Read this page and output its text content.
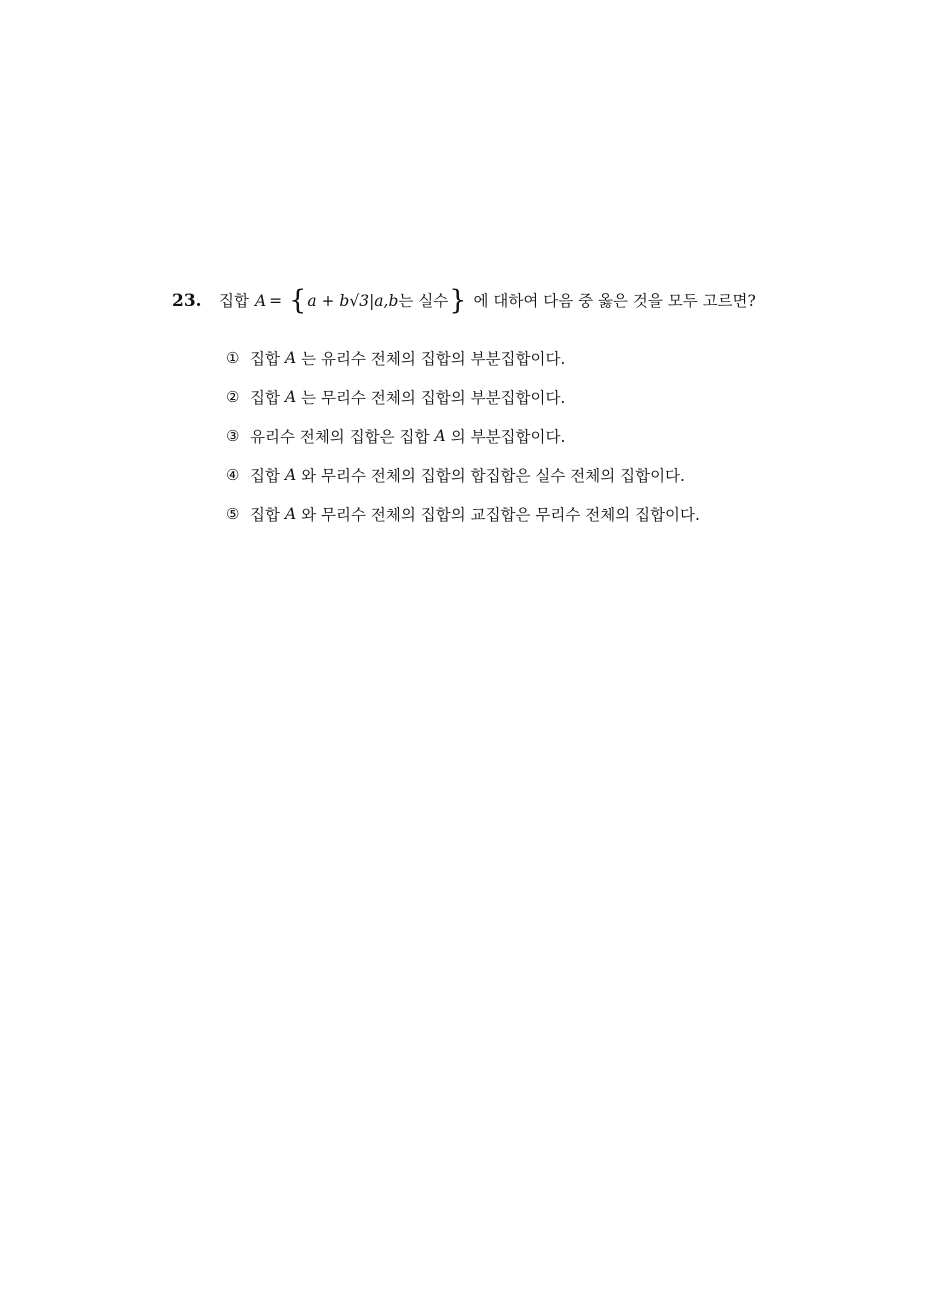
23.	집합 A = { a + b√3|a, b 는 실수 } 에 대하여 다음 중 옳은 것을 모두 고르면?
① 집합 A 는 유리수 전체의 집합의 부분집합이다.
② 집합 A 는 무리수 전체의 집합의 부분집합이다.
③ 유리수 전체의 집합은 집합 A 의 부분집합이다.
④ 집합 A 와 무리수 전체의 집합의 합집합은 실수 전체의 집합이다.
⑤ 집합 A 와 무리수 전체의 집합의 교집합은 무리수 전체의 집합이다.
